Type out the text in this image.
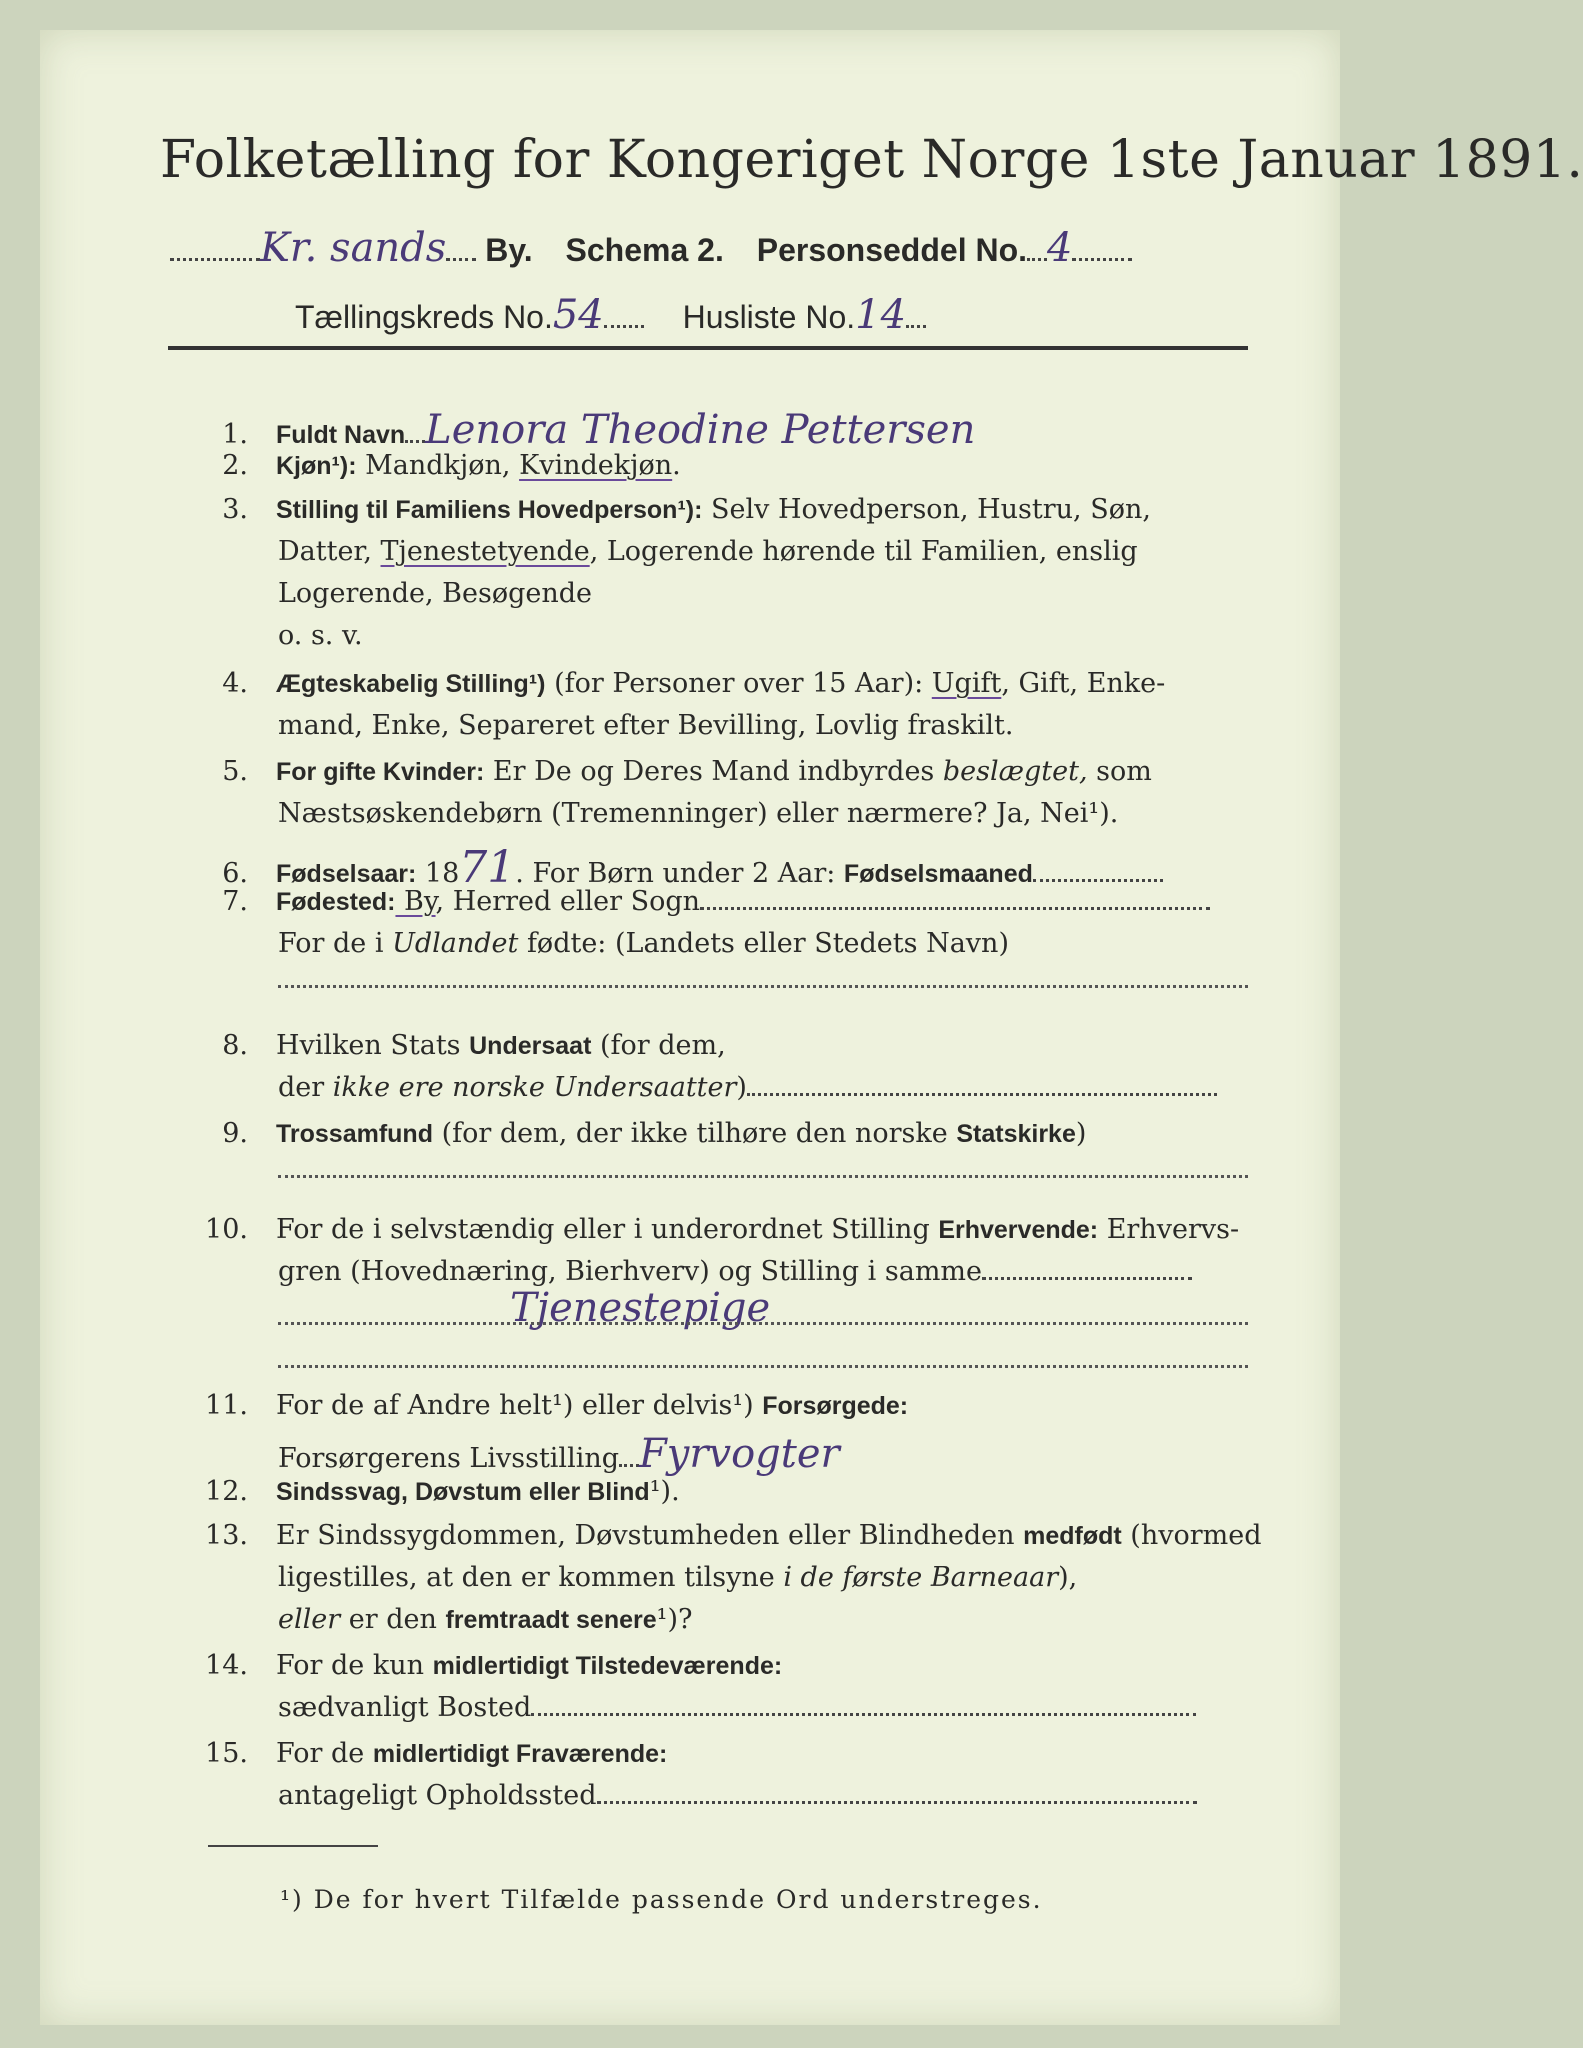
Folketælling for Kongeriget Norge 1ste Januar 1891.
Kr. sands By. Schema 2. Personseddel No. 4
Tællingskreds No.54 Husliste No.14
1. Fuldt Navn Lenora Theodine Pettersen
2. Kjøn¹): Mandkjøn, Kvindekjøn.
3. Stilling til Familiens Hovedperson¹): Selv Hovedperson, Hustru, Søn,
Datter, Tjenestetyende, Logerende hørende til Familien, enslig
Logerende, Besøgende
o. s. v.
4. Ægteskabelig Stilling¹) (for Personer over 15 Aar): Ugift, Gift, Enke-
mand, Enke, Separeret efter Bevilling, Lovlig fraskilt.
5. For gifte Kvinder: Er De og Deres Mand indbyrdes beslægtet, som
Næstsøskendebørn (Tremenninger) eller nærmere? Ja, Nei¹).
6. Fødselsaar: 1871. For Børn under 2 Aar: Fødselsmaaned
7. Fødested: By, Herred eller Sogn
For de i Udlandet fødte: (Landets eller Stedets Navn)
8. Hvilken Stats Undersaat (for dem,
der ikke ere norske Undersaatter)
9. Trossamfund (for dem, der ikke tilhøre den norske Statskirke)
10. For de i selvstændig eller i underordnet Stilling Erhvervende: Erhvervs-
gren (Hovednæring, Bierhverv) og Stilling i samme
Tjenestepige
11. For de af Andre helt¹) eller delvis¹) Forsørgede:
Forsørgerens Livsstilling Fyrvogter
12. Sindssvag, Døvstum eller Blind¹).
13. Er Sindssygdommen, Døvstumheden eller Blindheden medfødt (hvormed
ligestilles, at den er kommen tilsyne i de første Barneaar),
eller er den fremtraadt senere¹)?
14. For de kun midlertidigt Tilstedeværende:
sædvanligt Bosted
15. For de midlertidigt Fraværende:
antageligt Opholdssted
¹) De for hvert Tilfælde passende Ord understreges.
